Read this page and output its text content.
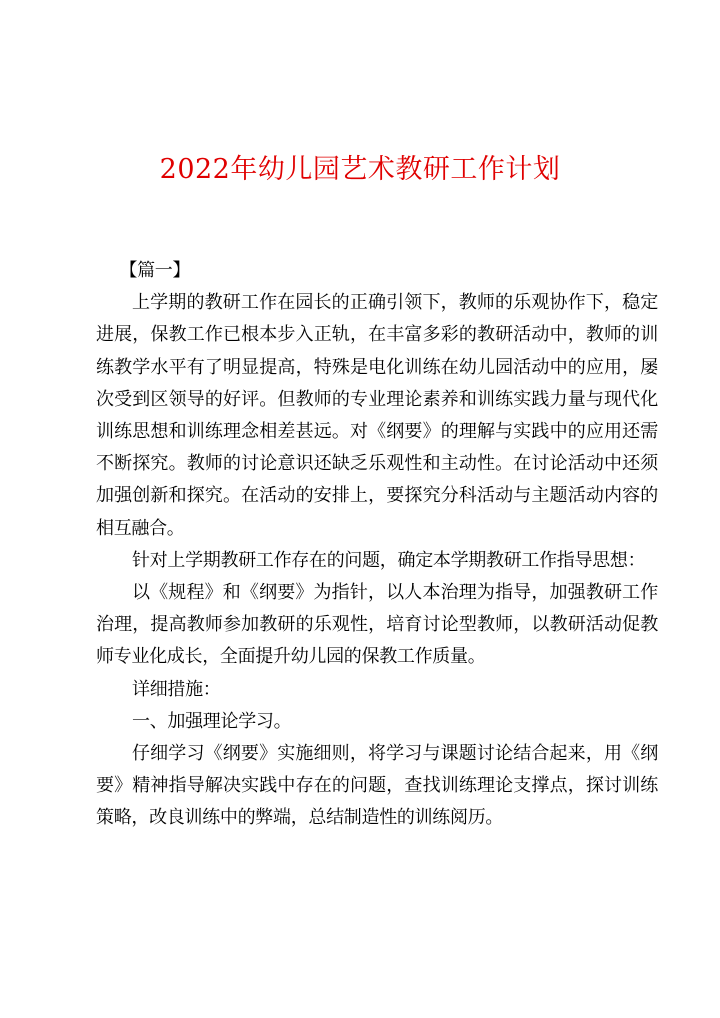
2022年幼儿园艺术教研工作计划

【篇一】

上学期的教研工作在园长的正确引领下，教师的乐观协作下，稳定进展，保教工作已根本步入正轨，在丰富多彩的教研活动中，教师的训练教学水平有了明显提高，特殊是电化训练在幼儿园活动中的应用，屡次受到区领导的好评。但教师的专业理论素养和训练实践力量与现代化训练思想和训练理念相差甚远。对《纲要》的理解与实践中的应用还需不断探究。教师的讨论意识还缺乏乐观性和主动性。在讨论活动中还须加强创新和探究。在活动的安排上，要探究分科活动与主题活动内容的相互融合。

针对上学期教研工作存在的问题，确定本学期教研工作指导思想：

以《规程》和《纲要》为指针，以人本治理为指导，加强教研工作治理，提高教师参加教研的乐观性，培育讨论型教师，以教研活动促教师专业化成长，全面提升幼儿园的保教工作质量。

详细措施：

一、加强理论学习。

仔细学习《纲要》实施细则，将学习与课题讨论结合起来，用《纲要》精神指导解决实践中存在的问题，查找训练理论支撑点，探讨训练策略，改良训练中的弊端，总结制造性的训练阅历。
